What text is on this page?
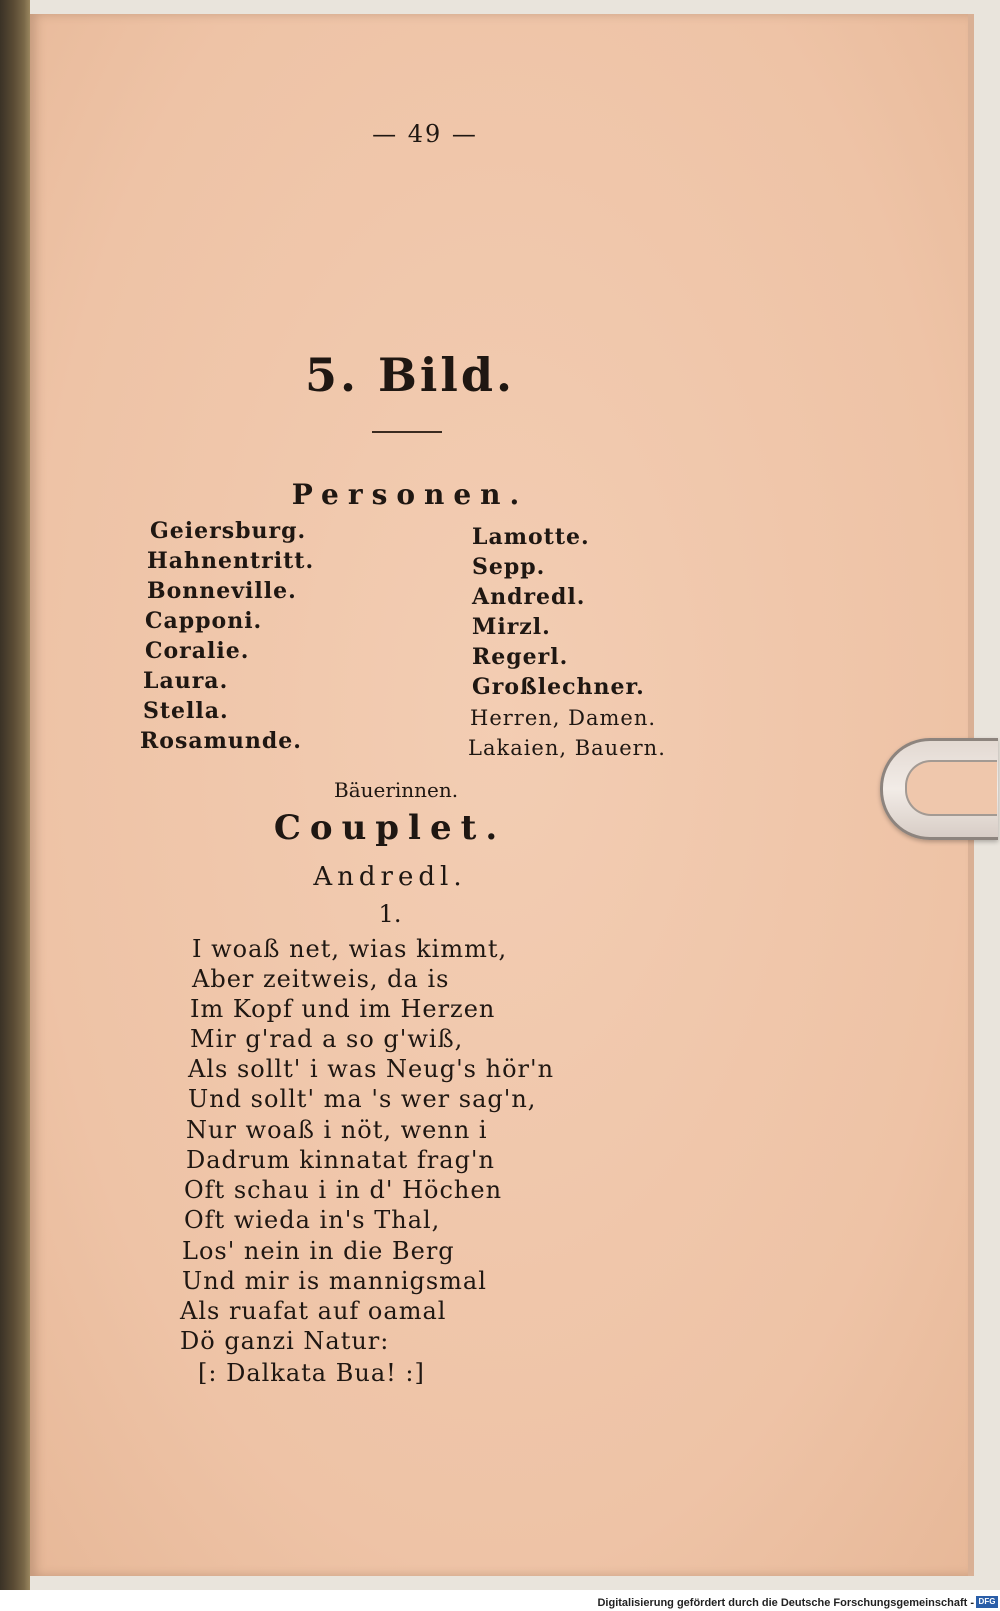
— 49 —
5. Bild.
Personen.
Geiersburg.
Hahnentritt.
Bonneville.
Capponi.
Coralie.
Laura.
Stella.
Rosamunde.
Lamotte.
Sepp.
Andredl.
Mirzl.
Regerl.
Großlechner.
Herren, Damen.
Lakaien, Bauern.
Bäuerinnen.
Couplet.
Andredl.
1.
I woaß net, wias kimmt,
Aber zeitweis, da is
Im Kopf und im Herzen
Mir g'rad a so g'wiß,
Als sollt' i was Neug's hör'n
Und sollt' ma 's wer sag'n,
Nur woaß i nöt, wenn i
Dadrum kinnatat frag'n
Oft schau i in d' Höchen
Oft wieda in's Thal,
Los' nein in die Berg
Und mir is mannigsmal
Als ruafat auf oamal
Dö ganzi Natur:
[: Dalkata Bua! :]
Digitalisierung gefördert durch die Deutsche Forschungsgemeinschaft - DFG
